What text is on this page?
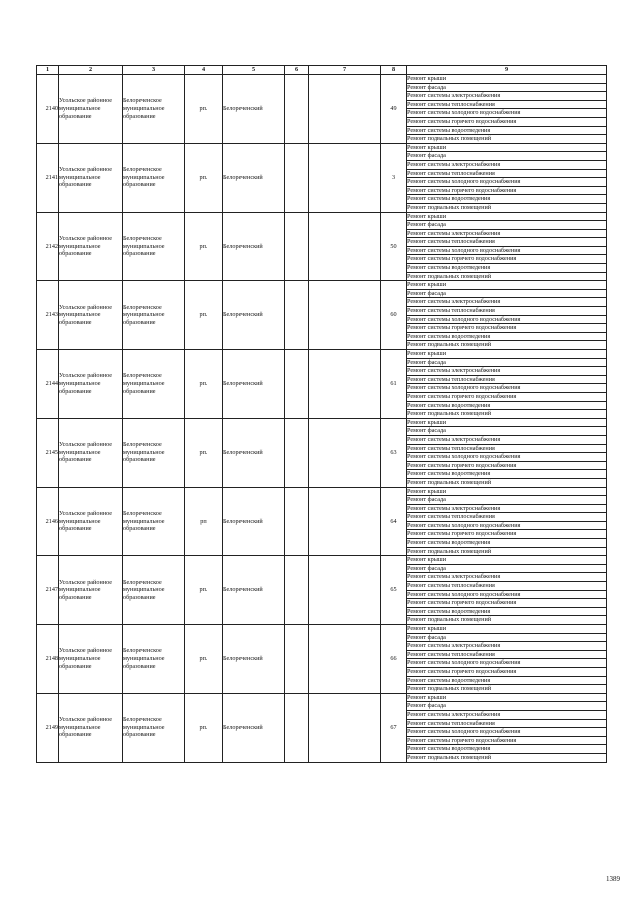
1	2	3	4	5	6	7	8	9
2140	Усольское районное муниципальное образование	Белореченское муниципальное образование	рп.	Белореченский			49	Ремонт крыши
								Ремонт фасада
								Ремонт системы электроснабжения
								Ремонт системы теплоснабжения
								Ремонт системы холодного водоснабжения
								Ремонт системы горячего водоснабжения
								Ремонт системы водоотведения
								Ремонт подвальных помещений
2141	Усольское районное муниципальное образование	Белореченское муниципальное образование	рп.	Белореченский			3	Ремонт крыши
								Ремонт фасада
								Ремонт системы электроснабжения
								Ремонт системы теплоснабжения
								Ремонт системы холодного водоснабжения
								Ремонт системы горячего водоснабжения
								Ремонт системы водоотведения
								Ремонт подвальных помещений
2142	Усольское районное муниципальное образование	Белореченское муниципальное образование	рп.	Белореченский			50	Ремонт крыши
								Ремонт фасада
								Ремонт системы электроснабжения
								Ремонт системы теплоснабжения
								Ремонт системы холодного водоснабжения
								Ремонт системы горячего водоснабжения
								Ремонт системы водоотведения
								Ремонт подвальных помещений
2143	Усольское районное муниципальное образование	Белореченское муниципальное образование	рп.	Белореченский			60	Ремонт крыши
								Ремонт фасада
								Ремонт системы электроснабжения
								Ремонт системы теплоснабжения
								Ремонт системы холодного водоснабжения
								Ремонт системы горячего водоснабжения
								Ремонт системы водоотведения
								Ремонт подвальных помещений
2144	Усольское районное муниципальное образование	Белореченское муниципальное образование	рп.	Белореченский			61	Ремонт крыши
								Ремонт фасада
								Ремонт системы электроснабжения
								Ремонт системы теплоснабжения
								Ремонт системы холодного водоснабжения
								Ремонт системы горячего водоснабжения
								Ремонт системы водоотведения
								Ремонт подвальных помещений
2145	Усольское районное муниципальное образование	Белореченское муниципальное образование	рп.	Белореченский			63	Ремонт крыши
								Ремонт фасада
								Ремонт системы электроснабжения
								Ремонт системы теплоснабжения
								Ремонт системы холодного водоснабжения
								Ремонт системы горячего водоснабжения
								Ремонт системы водоотведения
								Ремонт подвальных помещений
2146	Усольское районное муниципальное образование	Белореченское муниципальное образование	рп	Белореченский			64	Ремонт крыши
								Ремонт фасада
								Ремонт системы электроснабжения
								Ремонт системы теплоснабжения
								Ремонт системы холодного водоснабжения
								Ремонт системы горячего водоснабжения
								Ремонт системы водоотведения
								Ремонт подвальных помещений
2147	Усольское районное муниципальное образование	Белореченское муниципальное образование	рп.	Белореченский			65	Ремонт крыши
								Ремонт фасада
								Ремонт системы электроснабжения
								Ремонт системы теплоснабжения
								Ремонт системы холодного водоснабжения
								Ремонт системы горячего водоснабжения
								Ремонт системы водоотведения
								Ремонт подвальных помещений
2148	Усольское районное муниципальное образование	Белореченское муниципальное образование	рп.	Белореченский			66	Ремонт крыши
								Ремонт фасада
								Ремонт системы электроснабжения
								Ремонт системы теплоснабжения
								Ремонт системы холодного водоснабжения
								Ремонт системы горячего водоснабжения
								Ремонт системы водоотведения
								Ремонт подвальных помещений
2149	Усольское районное муниципальное образование	Белореченское муниципальное образование	рп.	Белореченский			67	Ремонт крыши
								Ремонт фасада
								Ремонт системы электроснабжения
								Ремонт системы теплоснабжения
								Ремонт системы холодного водоснабжения
								Ремонт системы горячего водоснабжения
								Ремонт системы водоотведения
								Ремонт подвальных помещений
1389
